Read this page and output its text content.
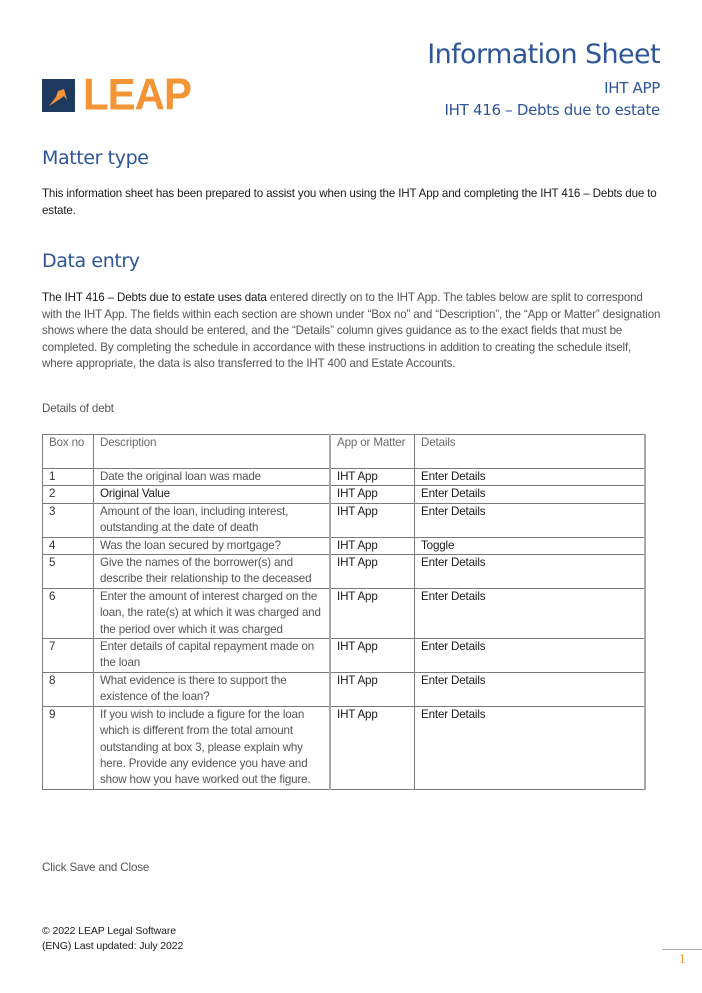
LEAP
Information Sheet
IHT APP
IHT 416 – Debts due to estate
Matter type

This information sheet has been prepared to assist you when using the IHT App and completing the IHT 416 – Debts due to estate.

Data entry

The IHT 416 – Debts due to estate uses data entered directly on to the IHT App. The tables below are split to correspond with the IHT App. The fields within each section are shown under “Box no” and “Description”, the “App or Matter” designation shows where the data should be entered, and the “Details” column gives guidance as to the exact fields that must be completed. By completing the schedule in accordance with these instructions in addition to creating the schedule itself, where appropriate, the data is also transferred to the IHT 400 and Estate Accounts.

Details of debt

Box no	Description	App or Matter	Details
1	Date the original loan was made	IHT App	Enter Details
2	Original Value	IHT App	Enter Details
3	Amount of the loan, including interest, outstanding at the date of death	IHT App	Enter Details
4	Was the loan secured by mortgage?	IHT App	Toggle
5	Give the names of the borrower(s) and describe their relationship to the deceased	IHT App	Enter Details
6	Enter the amount of interest charged on the loan, the rate(s) at which it was charged and the period over which it was charged	IHT App	Enter Details
7	Enter details of capital repayment made on the loan	IHT App	Enter Details
8	What evidence is there to support the existence of the loan?	IHT App	Enter Details
9	If you wish to include a figure for the loan which is different from the total amount outstanding at box 3, please explain why here. Provide any evidence you have and show how you have worked out the figure.	IHT App	Enter Details

Click Save and Close

© 2022 LEAP Legal Software
(ENG) Last updated: July 2022
1
